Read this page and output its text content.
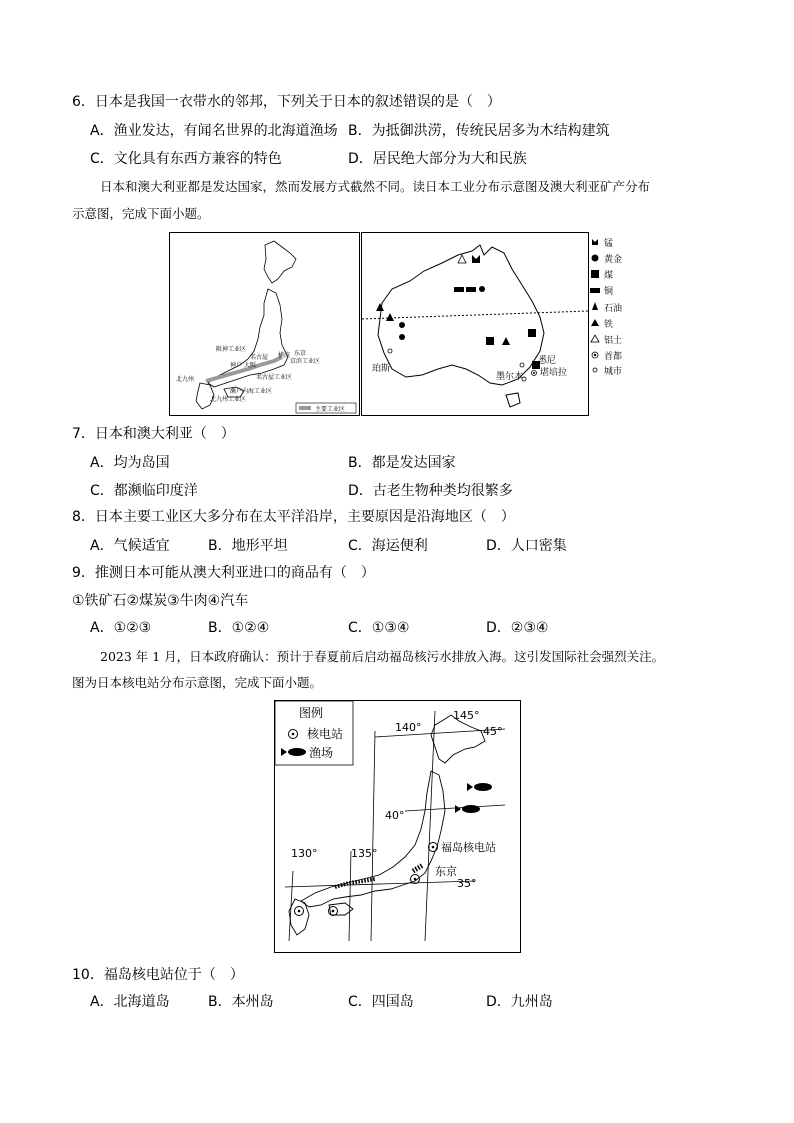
6．日本是我国一衣带水的邻邦，下列关于日本的叙述错误的是（　）
A．渔业发达，有闻名世界的北海道渔场 B．为抵御洪涝，传统民居多为木结构建筑
C．文化具有东西方兼容的特色	D．居民绝大部分为大和民族
日本和澳大利亚都是发达国家，然而发展方式截然不同。读日本工业分布示意图及澳大利亚矿产分布
示意图，完成下面小题。
阪神工业区
名古屋 横滨 东京
京滨工业区
神户 大阪
名古屋工业区
北九州
濑户内海工业区
北九州工业区
主要工业区
珀斯
墨尔本
悉尼
堪培拉
锰
黄金
煤
铜
石油
铁
铝土
首都
城市
7．日本和澳大利亚（　）
A．均为岛国	B．都是发达国家
C．都濒临印度洋	D．古老生物种类均很繁多
8．日本主要工业区大多分布在太平洋沿岸，主要原因是沿海地区（　）
A．气候适宜	B．地形平坦	C．海运便利	D．人口密集
9．推测日本可能从澳大利亚进口的商品有（　）
①铁矿石②煤炭③牛肉④汽车
A．①②③	B．①②④	C．①③④	D．②③④
2023 年 1 月，日本政府确认：预计于春夏前后启动福岛核污水排放入海。这引发国际社会强烈关注。
图为日本核电站分布示意图，完成下面小题。
140°
145°
45°
40°
130°	135°
35°
福岛核电站
东京
图例
核电站
渔场
10．福岛核电站位于（　）
A．北海道岛	B．本州岛	C．四国岛	D．九州岛
